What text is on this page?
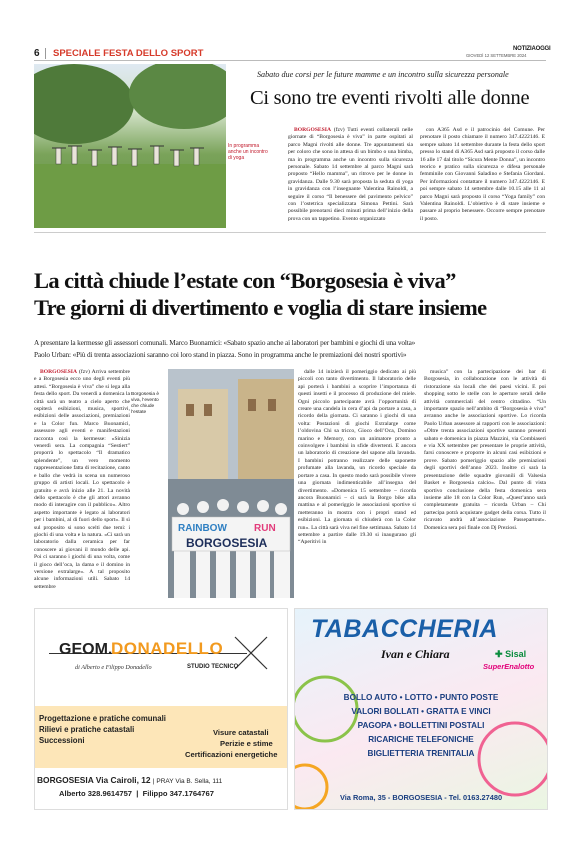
6 SPECIALE FESTA DELLO SPORT	NOTIZIAOGGI
GIOVEDÌ 12 SETTEMBRE 2024
In programma anche un incontro di yoga
Sabato due corsi per le future mamme e un incontro sulla sicurezza personale
Ci sono tre eventi rivolti alle donne

BORGOSESIA (fzv) Tutti eventi collaterali nelle giornate di “Borgosesia è viva” in parte ospitati al parco Magni rivolti alle donne. Tre appuntamenti sia per coloro che sono in attesa di un bimbo o una bimba, ma in programma anche un incontro sulla sicurezza personale. Sabato 14 settembre al parco Magni sarà proposto “Hello mamma”, un ritrovo per le donne in gravidanza. Dalle 9.30 sarà proposta la seduta di yoga in gravidanza con l’insegnante Valentina Rainoldi, a seguire il corso “Il benessere del pavimento pelvico” con l’ostetrica specializzata Simona Pettini. Sarà possibile prenotarsi dieci minuti prima dell’inizio della prova con un tappetino. Evento organizzato

con A365 Asd e il patrocinio del Comune. Per prenotare il posto chiamare il numero 347.4222146. E sempre sabato 14 settembre durante la festa dello sport presso lo stand di A365 Asd sarà proposto il corso dalle 16 alle 17 dal titolo “Sicura Mente Donna”, un incontro teorico e pratico sulla sicurezza e difesa personale femminile con Giovanni Saladino e Stefania Giordani. Per informazioni contattare il numero 347.4222146. E poi sempre sabato 14 settembre dalle 10.15 alle 11 al parco Magni sarà proposto il corso “Yoga family” con Valentina Rainoldi. L’obiettivo è di stare insieme e passare al proprio benessere. Occorre sempre prenotare il posto.

La città chiude l’estate con “Borgosesia è viva”
Tre giorni di divertimento e voglia di stare insieme
A presentare la kermesse gli assessori comunali. Marco Buonamici: «Sabato spazio anche ai laboratori per bambini e giochi di una volta»
Paolo Urban: «Più di trenta associazioni saranno coi loro stand in piazza. Sono in programma anche le premiazioni dei nostri sportivi»

BORGOSESIA (fzv) Arriva settembre e a Borgosesia ecco uno degli eventi più attesi. “Borgosesia è viva” che si lega alla festa dello sport. Da venerdì a domenica la città sarà un teatro a cielo aperto che ospiterà esibizioni, musica, sportivi, esibizioni delle associazioni, premiazioni e la Color fun. Marco Buonamici, assessore agli eventi e manifestazioni racconta così la kermesse: «Sinizia venerdì sera. La compagnia “Sestiert” proporrà lo spettacolo “Il dramatico splendente”, un vero momento rappresentazione fatta di recitazione, canto e ballo che vedrà in scena un numeroso gruppo di artisti locali. Lo spettacolo è gratuito e avrà inizio alle 21. La novità dello spettacolo è che gli attori avranno modo di interagire con il pubblico». Altro aspetto importante è legato ai laboratori per i bambini, al di fuori dello sport». Il sì sul proposito si sono scelti due temi: i giochi di una volta e la natura. «Ci sarà un laboratorio dalla ceramica per far conoscere ai giovani il mondo delle api. Poi ci saranno i giochi di una volta, come il gioco dell’oca, la dama e il domino in versione extralarge». A tal proposito alcune informazioni utili. Sabato 14 settembre

Borgosesia è viva, l’evento che chiude l’estate
RAINBOW	RUN
BORGOSESIA

dalle 14 inizierà il pomeriggio dedicato ai più piccoli con tanto divertimento. Il laboratorio delle api porterà i bambini a scoprire l’importanza di questi insetti e il processo di produzione del miele. Ogni piccolo partecipante avrà l’opportunità di creare una candela in cera d’api da portare a casa, a ricordo della giornata. Ci saranno i giochi di una volta: Postazioni di giochi Extralarge come l’oldovina Chi sa tricco, Gioco dell’Oca, Domino marino e Memory, con un animatore pronto a coinvolgere i bambini in sfide divertenti. E ancora un laboratorio di creazione del sapone alla lavanda. I bambini potranno realizzare delle saponette profumate alla lavanda, un ricordo speciale da portare a casa. In questo modo sarà possibile vivere una giornata indimenticabile all’insegna del divertimento. «Domenica 15 settembre – ricorda ancora Buonamici – ci sarà la Borgo bike alla mattina e al pomeriggio le associazioni sportive si metteranno in mostra con i propri stand ed esibizioni. La giornata si chiuderà con la Color run». La città sarà viva nel fine settimana. Sabato 14 settembre a partire dalle 19.30 si inaugurano gli “Aperitivi in

musica” con la partecipazione dei bar di Borgosesia, in collaborazione con le attività di ristorazione sia locali che dei paesi vicini. E poi shopping sotto le stelle con le aperture serali delle attività commerciali del centro cittadino. “Un importante spazio nell’ambito di “Borgosesia è viva” avranno anche le associazioni sportive. Lo ricorda Paolo Urban assessore ai rapporti con le associazioni: «Oltre trenta associazioni sportive saranno presenti sabato e domenica in piazza Mazzini, via Combiaseri e via XX settembre per presentare le proprie attività, farsi conoscere e proporre in alcuni casi esibizioni e prove. Sabato pomeriggio spazio alle premiazioni degli sportivi dell’anno 2023. Inoltre ci sarà la presentazione delle squadre giovanili di Valsesia Basket e Borgosesia calcio». Dal punto di vista sportivo conclusione della festa domenica sera insieme alle 18 con la Color Run, «Quest’anno sarà completamente gratuita – ricorda Urban – Chi partecipa potrà acquistare gadget della corsa. Tutto il ricavato andrà all’associazione Passepartout». Domenica sera poi finale con Dj Preziosi.

GEOM.
DONADELLO
STUDIO TECNICO
di Alberto e Filippo Donadello
Progettazione e pratiche comunali
Rilievi e pratiche catastali
Successioni
Visure catastali
Perizie e stime
Certificazioni energetiche
BORGOSESIA Via Cairoli, 12 | PRAY Via B. Sella, 111
Alberto 328.9614757  |  Filippo 347.1764767
TABACCHERIA
Ivan e Chiara	✚ Sisal
SuperEnalotto
BOLLO AUTO • LOTTO • PUNTO POSTE
VALORI BOLLATI • GRATTA E VINCI
PAGOPA • BOLLETTINI POSTALI
RICARICHE TELEFONICHE
BIGLIETTERIA TRENITALIA
Via Roma, 35 - BORGOSESIA - Tel. 0163.27480
